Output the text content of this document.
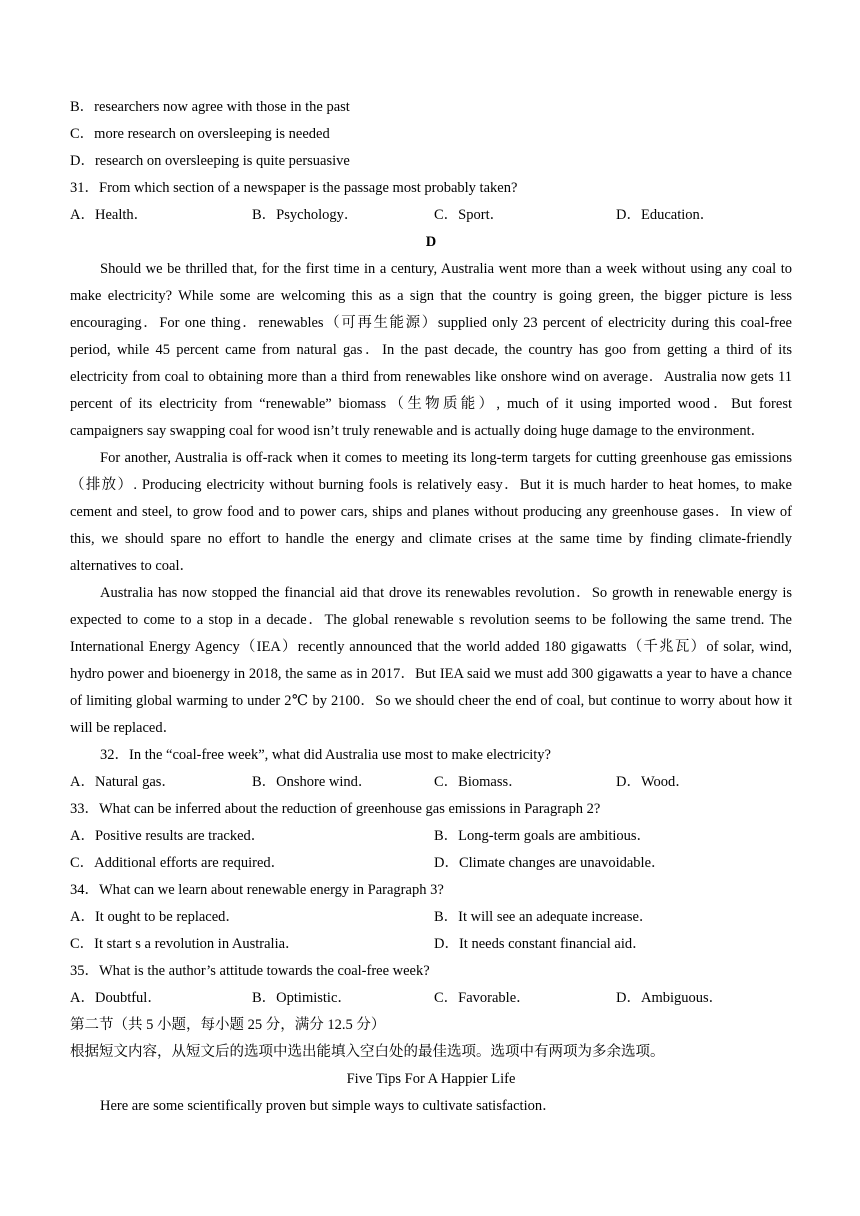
B．researchers now agree with those in the past
C．more research on oversleeping is needed
D．research on oversleeping is quite persuasive
31．From which section of a newspaper is the passage most probably taken?
A．Health．	B．Psychology．	C．Sport．	D．Education．
D

Should we be thrilled that, for the first time in a century, Australia went more than a week without using any coal to make electricity? While some are welcoming this as a sign that the country is going green, the bigger picture is less encouraging．For one thing．renewables（可再生能源）supplied only 23 percent of electricity during this coal-free period, while 45 percent came from natural gas．In the past decade, the country has goo from getting a third of its electricity from coal to obtaining more than a third from renewables like onshore wind on average．Australia now gets 11 percent of its electricity from “renewable” biomass（生物质能）, much of it using imported wood．But forest campaigners say swapping coal for wood isn’t truly renewable and is actually doing huge damage to the environment．

For another, Australia is off-rack when it comes to meeting its long-term targets for cutting greenhouse gas emissions（排放）. Producing electricity without burning fools is relatively easy．But it is much harder to heat homes, to make cement and steel, to grow food and to power cars, ships and planes without producing any greenhouse gases．In view of this, we should spare no effort to handle the energy and climate crises at the same time by finding climate-friendly alternatives to coal．

Australia has now stopped the financial aid that drove its renewables revolution．So growth in renewable energy is expected to come to a stop in a decade．The global renewable s revolution seems to be following the same trend. The International Energy Agency（IEA）recently announced that the world added 180 gigawatts（千兆瓦）of solar, wind, hydro power and bioenergy in 2018, the same as in 2017．But IEA said we must add 300 gigawatts a year to have a chance of limiting global warming to under 2℃ by 2100．So we should cheer the end of coal, but continue to worry about how it will be replaced．

32．In the “coal-free week”, what did Australia use most to make electricity?
A．Natural gas．	B．Onshore wind．	C．Biomass．	D．Wood．
33．What can be inferred about the reduction of greenhouse gas emissions in Paragraph 2?
A．Positive results are tracked．	B．Long-term goals are ambitious．
C．Additional efforts are required．	D．Climate changes are unavoidable．
34．What can we learn about renewable energy in Paragraph 3?
A．It ought to be replaced．	B．It will see an adequate increase．
C．It start s a revolution in Australia．	D．It needs constant financial aid．
35．What is the author’s attitude towards the coal-free week?
A．Doubtful．	B．Optimistic．	C．Favorable．	D．Ambiguous．
第二节（共 5 小题，每小题 25 分，满分 12.5 分）
根据短文内容，从短文后的选项中选出能填入空白处的最佳选项。选项中有两项为多余选项。
Five Tips For A Happier Life
Here are some scientifically proven but simple ways to cultivate satisfaction．
